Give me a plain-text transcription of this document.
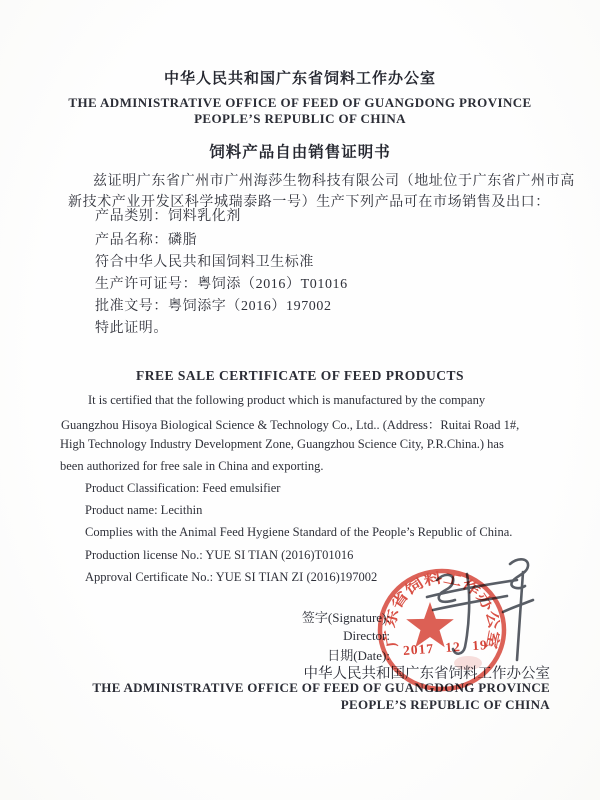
中华人民共和国广东省饲料工作办公室
THE ADMINISTRATIVE OFFICE OF FEED OF GUANGDONG PROVINCE
PEOPLE’S REPUBLIC OF CHINA
饲料产品自由销售证明书
兹证明广东省广州市广州海莎生物科技有限公司（地址位于广东省广州市高
新技术产业开发区科学城瑞泰路一号）生产下列产品可在市场销售及出口：
产品类别：饲料乳化剂
产品名称：磷脂
符合中华人民共和国饲料卫生标准
生产许可证号：粤饲添（2016）T01016
批准文号：粤饲添字（2016）197002
特此证明。
FREE SALE CERTIFICATE OF FEED PRODUCTS
It is certified that the following product which is manufactured by the company
Guangzhou Hisoya Biological Science & Technology Co., Ltd.. (Address：Ruitai Road 1#,
High Technology Industry Development Zone, Guangzhou Science City, P.R.China.) has
been authorized for free sale in China and exporting.
Product Classification: Feed emulsifier
Product name: Lecithin
Complies with the Animal Feed Hygiene Standard of the People’s Republic of China.
Production license No.: YUE SI TIAN (2016)T01016
Approval Certificate No.: YUE SI TIAN ZI (2016)197002
签字(Signature):
Director:
日期(Date): 2017 12 19
中华人民共和国广东省饲料工作办公室
THE ADMINISTRATIVE OFFICE OF FEED OF GUANGDONG PROVINCE
PEOPLE’S REPUBLIC OF CHINA
广东省饲料工作办公室
